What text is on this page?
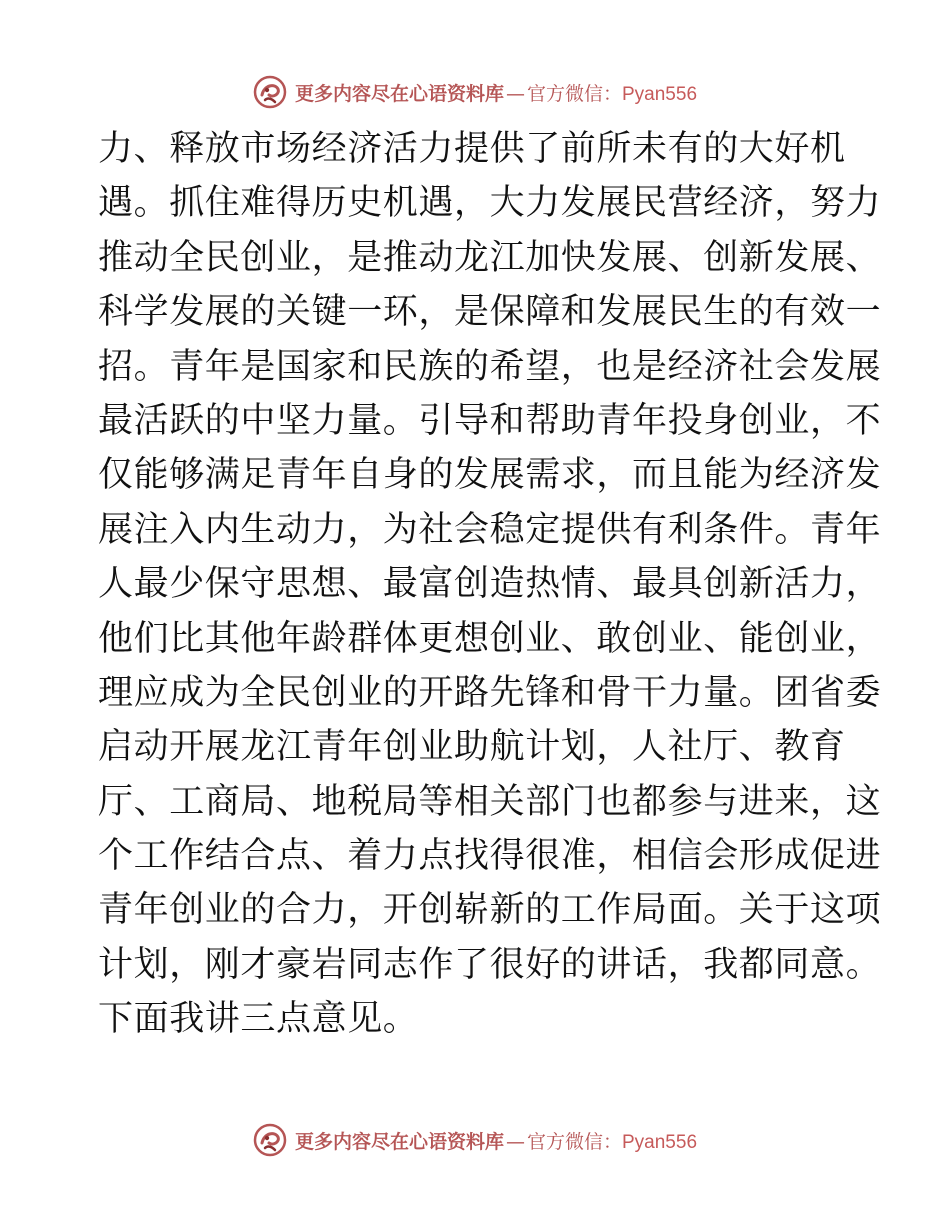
更多内容尽在心语资料库 — 官方微信： Pyan556
力、释放市场经济活力提供了前所未有的大好机
遇。抓住难得历史机遇，大力发展民营经济，努力
推动全民创业，是推动龙江加快发展、创新发展、
科学发展的关键一环，是保障和发展民生的有效一
招。青年是国家和民族的希望，也是经济社会发展
最活跃的中坚力量。引导和帮助青年投身创业，不
仅能够满足青年自身的发展需求，而且能为经济发
展注入内生动力，为社会稳定提供有利条件。青年
人最少保守思想、最富创造热情、最具创新活力，
他们比其他年龄群体更想创业、敢创业、能创业，
理应成为全民创业的开路先锋和骨干力量。团省委
启动开展龙江青年创业助航计划，人社厅、教育
厅、工商局、地税局等相关部门也都参与进来，这
个工作结合点、着力点找得很准，相信会形成促进
青年创业的合力，开创崭新的工作局面。关于这项
计划，刚才豪岩同志作了很好的讲话，我都同意。
下面我讲三点意见。
更多内容尽在心语资料库 — 官方微信： Pyan556
